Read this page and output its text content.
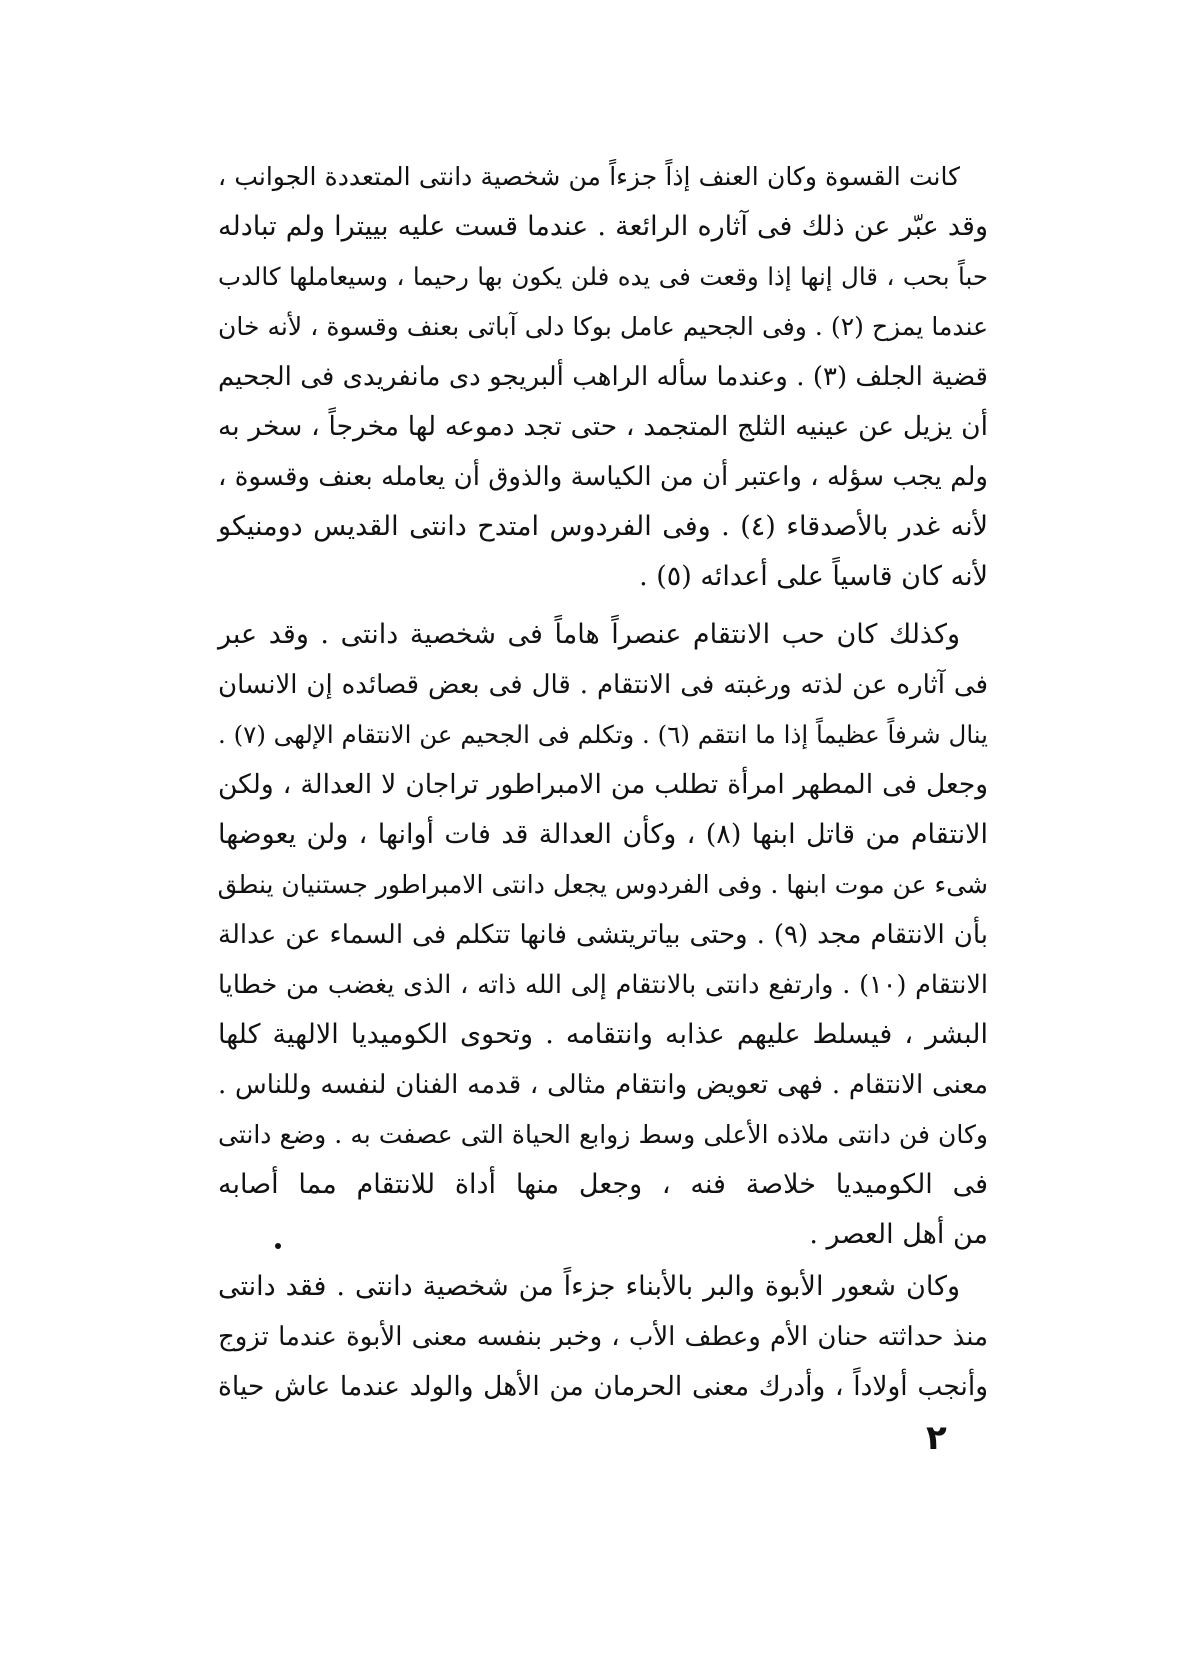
كانت القسوة وكان العنف إذاً جزءاً من شخصية دانتى المتعددة الجوانب ،
وقد عبّر عن ذلك فى آثاره الرائعة . عندما قست عليه بييترا ولم تبادله
حباً بحب ، قال إنها إذا وقعت فى يده فلن يكون بها رحيما ، وسيعاملها كالدب
عندما يمزح (٢) . وفى الجحيم عامل بوكا دلى آباتى بعنف وقسوة ، لأنه خان
قضية الجلف (٣) . وعندما سأله الراهب ألبريجو دى مانفريدى فى الجحيم
أن يزيل عن عينيه الثلج المتجمد ، حتى تجد دموعه لها مخرجاً ، سخر به
ولم يجب سؤله ، واعتبر أن من الكياسة والذوق أن يعامله بعنف وقسوة ،
لأنه غدر بالأصدقاء (٤) . وفى الفردوس امتدح دانتى القديس دومنيكو
لأنه كان قاسياً على أعدائه (٥) .
وكذلك كان حب الانتقام عنصراً هاماً فى شخصية دانتى . وقد عبر
فى آثاره عن لذته ورغبته فى الانتقام . قال فى بعض قصائده إن الانسان
ينال شرفاً عظيماً إذا ما انتقم (٦) . وتكلم فى الجحيم عن الانتقام الإلهى (٧) .
وجعل فى المطهر امرأة تطلب من الامبراطور تراجان لا العدالة ، ولكن
الانتقام من قاتل ابنها (٨) ، وكأن العدالة قد فات أوانها ، ولن يعوضها
شىء عن موت ابنها . وفى الفردوس يجعل دانتى الامبراطور جستنيان ينطق
بأن الانتقام مجد (٩) . وحتى بياتريتشى فانها تتكلم فى السماء عن عدالة
الانتقام (١٠) . وارتفع دانتى بالانتقام إلى الله ذاته ، الذى يغضب من خطايا
البشر ، فيسلط عليهم عذابه وانتقامه . وتحوى الكوميديا الالهية كلها
معنى الانتقام . فهى تعويض وانتقام مثالى ، قدمه الفنان لنفسه وللناس .
وكان فن دانتى ملاذه الأعلى وسط زوابع الحياة التى عصفت به . وضع دانتى
فى الكوميديا خلاصة فنه ، وجعل منها أداة للانتقام مما أصابه
من أهل العصر .
وكان شعور الأبوة والبر بالأبناء جزءاً من شخصية دانتى . فقد دانتى
منذ حداثته حنان الأم وعطف الأب ، وخبر بنفسه معنى الأبوة عندما تزوج
وأنجب أولاداً ، وأدرك معنى الحرمان من الأهل والولد عندما عاش حياة
٢
